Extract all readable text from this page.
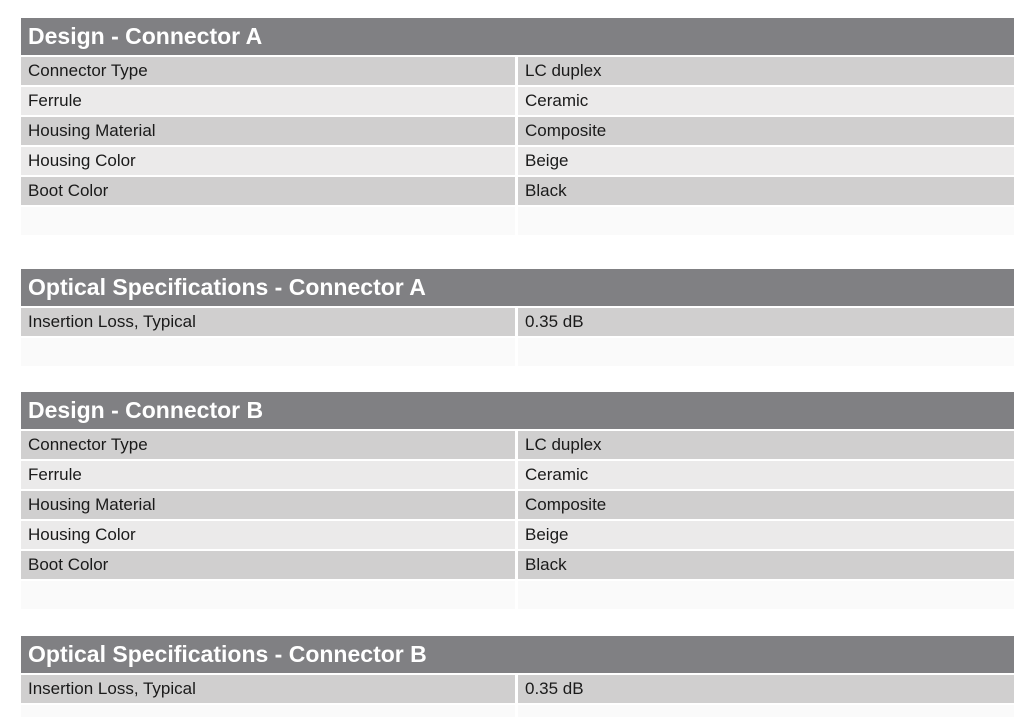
Design - Connector A
Connector Type	LC duplex
Ferrule	Ceramic
Housing Material	Composite
Housing Color	Beige
Boot Color	Black
Optical Specifications - Connector A
Insertion Loss, Typical	0.35 dB
Design - Connector B
Connector Type	LC duplex
Ferrule	Ceramic
Housing Material	Composite
Housing Color	Beige
Boot Color	Black
Optical Specifications - Connector B
Insertion Loss, Typical	0.35 dB
